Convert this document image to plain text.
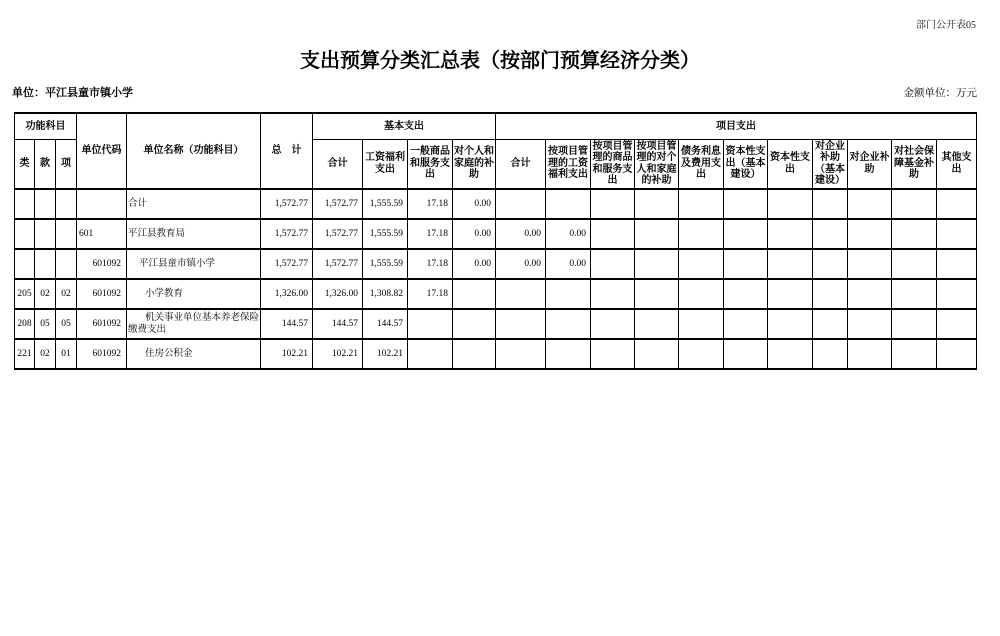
部门公开表05
支出预算分类汇总表（按部门预算经济分类）
单位：平江县童市镇小学	金额单位：万元
功能科目			单位代码	单位名称（功能科目）	总　计	基本支出				项目支出										
类	款	项				合计	工资福利支出	一般商品和服务支出	对个人和家庭的补助	合计	按项目管理的工资福利支出	按项目管理的商品和服务支出	按项目管理的对个人和家庭的补助	债务利息及费用支出	资本性支出（基本建设）	资本性支出	对企业补助（基本建设）	对企业补助	对社会保障基金补助	其他支出
				合计	1,572.77	1,572.77	1,555.59	17.18	0.00											
			601	平江县教育局	1,572.77	1,572.77	1,555.59	17.18	0.00	0.00	0.00									
			601092	平江县童市镇小学	1,572.77	1,572.77	1,555.59	17.18	0.00	0.00	0.00									
205	02	02	601092	小学教育	1,326.00	1,326.00	1,308.82	17.18												
208	05	05	601092	机关事业单位基本养老保险缴费支出	144.57	144.57	144.57													
221	02	01	601092	住房公积金	102.21	102.21	102.21													
